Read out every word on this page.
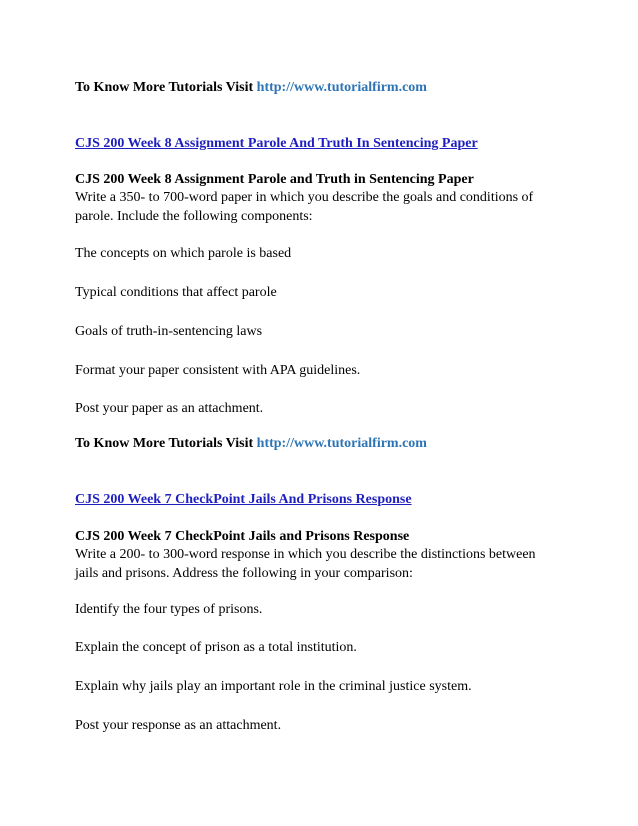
To Know More Tutorials Visit http://www.tutorialfirm.com
CJS 200 Week 8 Assignment Parole And Truth In Sentencing Paper
CJS 200 Week 8 Assignment Parole and Truth in Sentencing Paper
Write a 350- to 700-word paper in which you describe the goals and conditions of
parole. Include the following components:
The concepts on which parole is based
Typical conditions that affect parole
Goals of truth-in-sentencing laws
Format your paper consistent with APA guidelines.
Post your paper as an attachment.
To Know More Tutorials Visit http://www.tutorialfirm.com
CJS 200 Week 7 CheckPoint Jails And Prisons Response
CJS 200 Week 7 CheckPoint Jails and Prisons Response
Write a 200- to 300-word response in which you describe the distinctions between
jails and prisons. Address the following in your comparison:
Identify the four types of prisons.
Explain the concept of prison as a total institution.
Explain why jails play an important role in the criminal justice system.
Post your response as an attachment.
